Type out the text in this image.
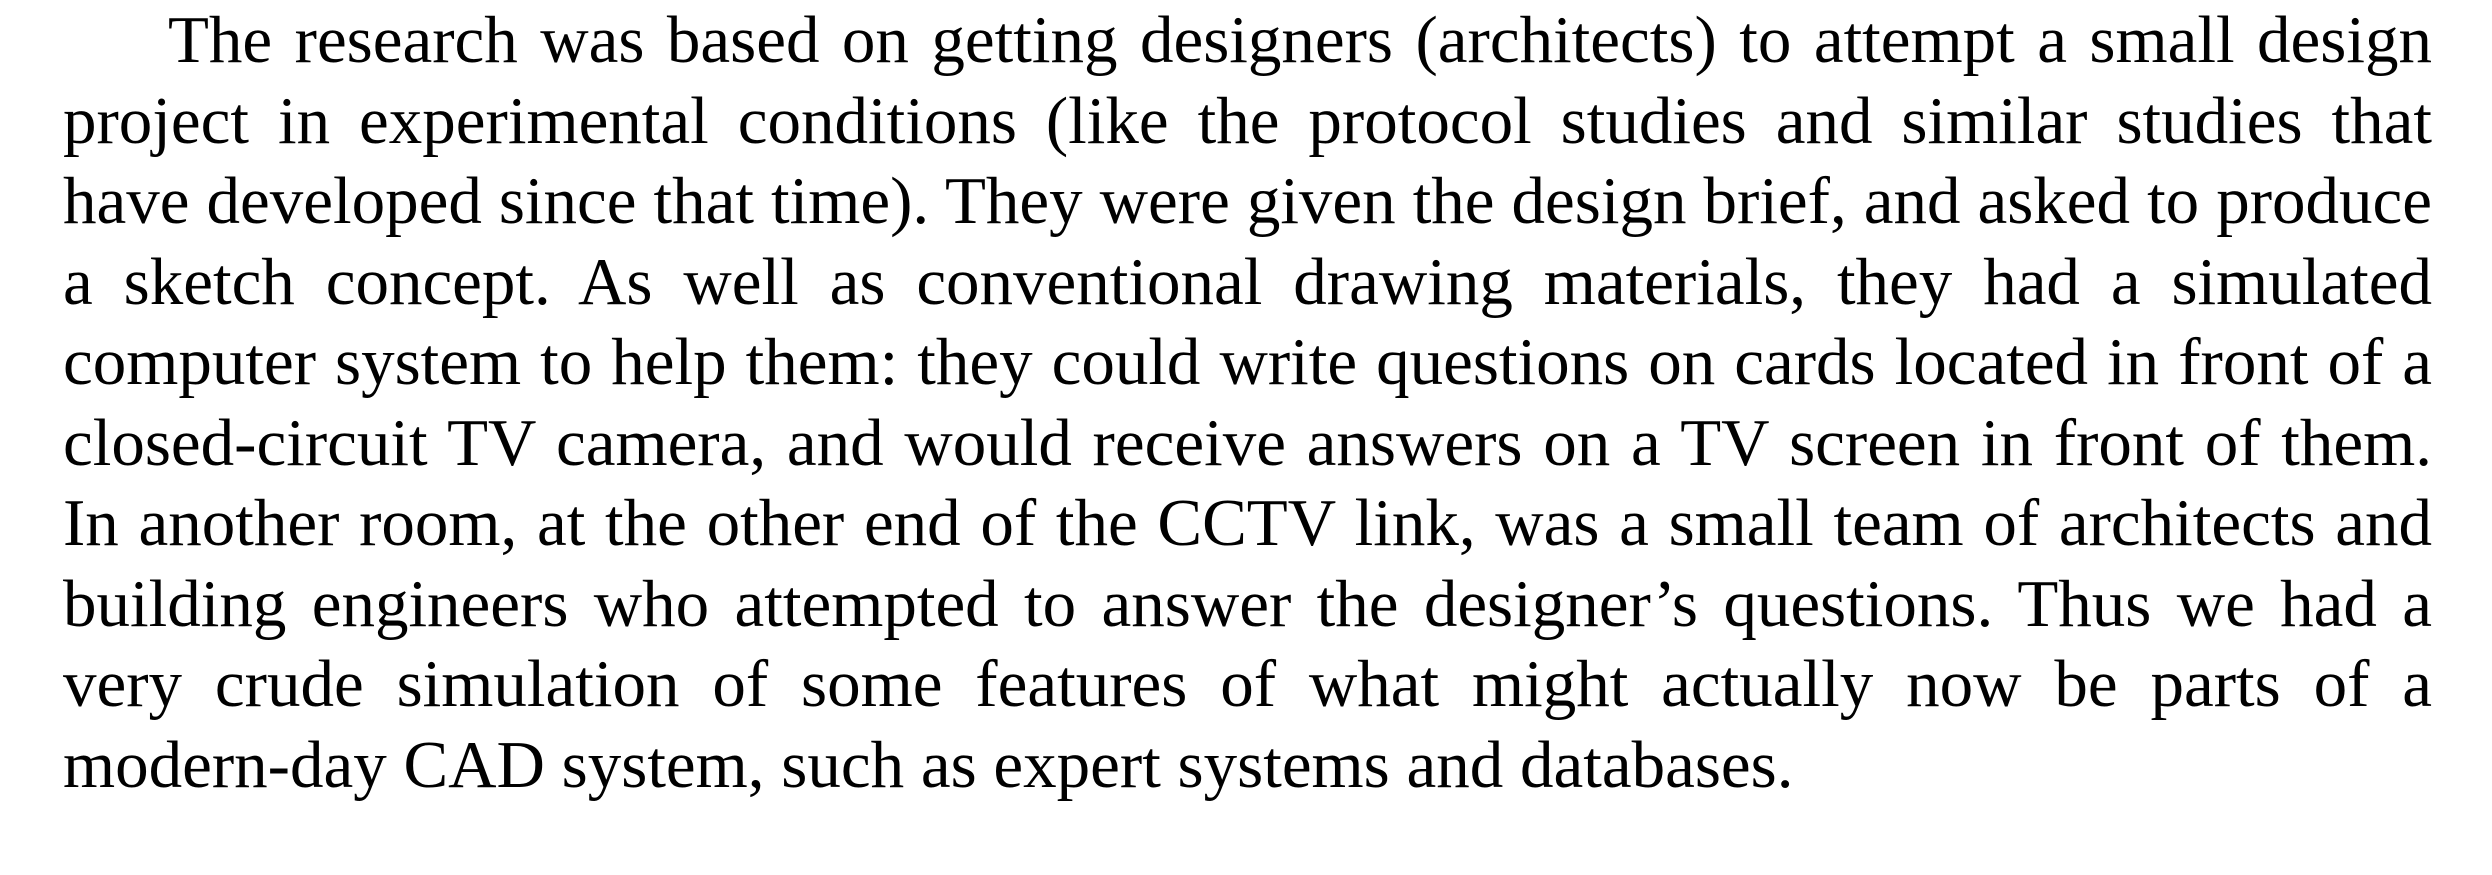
The research was based on getting designers (architects) to attempt a small design project in experimental conditions (like the protocol studies and similar studies that have developed since that time). They were given the design brief, and asked to produce a sketch concept. As well as conventional drawing materials, they had a simulated computer system to help them: they could write questions on cards located in front of a closed-circuit TV camera, and would receive answers on a TV screen in front of them. In another room, at the other end of the CCTV link, was a small team of architects and building engineers who attempted to answer the designer’s questions. Thus we had a very crude simulation of some features of what might actually now be parts of a modern-day CAD system, such as expert systems and databases.
